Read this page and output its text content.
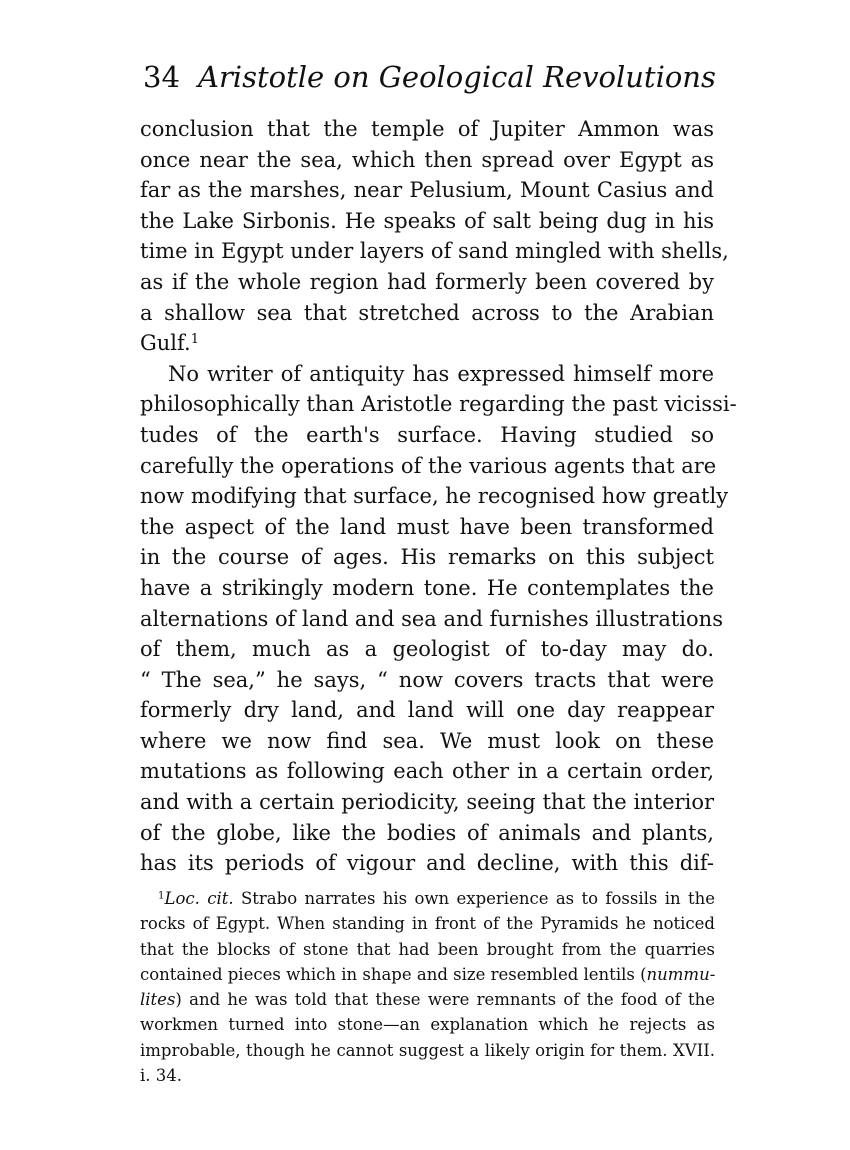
34 Aristotle on Geological Revolutions
conclusion that the temple of Jupiter Ammon was
once near the sea, which then spread over Egypt as
far as the marshes, near Pelusium, Mount Casius and
the Lake Sirbonis. He speaks of salt being dug in his
time in Egypt under layers of sand mingled with shells,
as if the whole region had formerly been covered by
a shallow sea that stretched across to the Arabian
Gulf.$^1$
No writer of antiquity has expressed himself more
philosophically than Aristotle regarding the past vicissi-
tudes of the earth's surface. Having studied so
carefully the operations of the various agents that are
now modifying that surface, he recognised how greatly
the aspect of the land must have been transformed
in the course of ages. His remarks on this subject
have a strikingly modern tone. He contemplates the
alternations of land and sea and furnishes illustrations
of them, much as a geologist of to-day may do.
“ The sea,” he says, “ now covers tracts that were
formerly dry land, and land will one day reappear
where we now find sea. We must look on these
mutations as following each other in a certain order,
and with a certain periodicity, seeing that the interior
of the globe, like the bodies of animals and plants,
has its periods of vigour and decline, with this dif-
$^1$Loc. cit. Strabo narrates his own experience as to fossils in the
rocks of Egypt. When standing in front of the Pyramids he noticed
that the blocks of stone that had been brought from the quarries
contained pieces which in shape and size resembled lentils (nummu-
lites) and he was told that these were remnants of the food of the
workmen turned into stone—an explanation which he rejects as
improbable, though he cannot suggest a likely origin for them. XVII.
i. 34.
